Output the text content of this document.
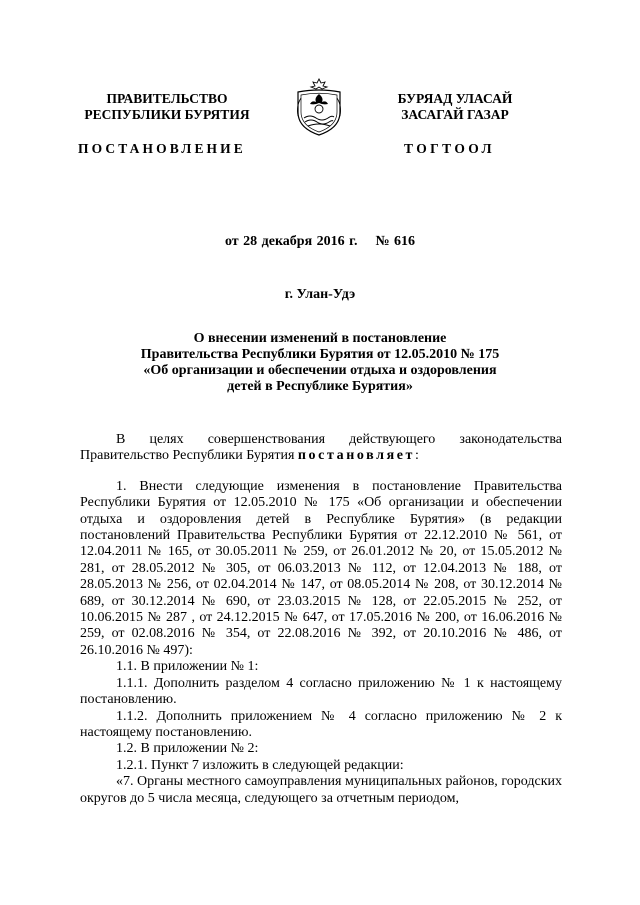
ПРАВИТЕЛЬСТВО
РЕСПУБЛИКИ БУРЯТИЯ
ПОСТАНОВЛЕНИЕ
БУРЯАД УЛАСАЙ
ЗАСАГАЙ ГАЗАР
ТОГТООЛ
от 28 декабря 2016 г. № 616
г. Улан-Удэ
О внесении изменений в постановление
Правительства Республики Бурятия от 12.05.2010 № 175
«Об организации и обеспечении отдыха и оздоровления
детей в Республике Бурятия»

В целях совершенствования действующего законодательства Правительство Республики Бурятия постановляет:

1. Внести следующие изменения в постановление Правительства Республики Бурятия от 12.05.2010 № 175 «Об организации и обеспечении отдыха и оздоровления детей в Республике Бурятия» (в редакции постановлений Правительства Республики Бурятия от 22.12.2010 № 561, от 12.04.2011 № 165, от 30.05.2011 № 259, от 26.01.2012 № 20, от 15.05.2012 № 281, от 28.05.2012 № 305, от 06.03.2013 № 112, от 12.04.2013 № 188, от 28.05.2013 № 256, от 02.04.2014 № 147, от 08.05.2014 № 208, от 30.12.2014 № 689, от 30.12.2014 № 690, от 23.03.2015 № 128, от 22.05.2015 № 252, от 10.06.2015 № 287 , от 24.12.2015 № 647, от 17.05.2016 № 200, от 16.06.2016 № 259, от 02.08.2016 № 354, от 22.08.2016 № 392, от 20.10.2016 № 486, от 26.10.2016 № 497):

1.1. В приложении № 1:

1.1.1. Дополнить разделом 4 согласно приложению № 1 к настоящему постановлению.

1.1.2. Дополнить приложением № 4 согласно приложению № 2 к настоящему постановлению.

1.2. В приложении № 2:

1.2.1. Пункт 7 изложить в следующей редакции:

«7. Органы местного самоуправления муниципальных районов, городских округов до 5 числа месяца, следующего за отчетным периодом,
